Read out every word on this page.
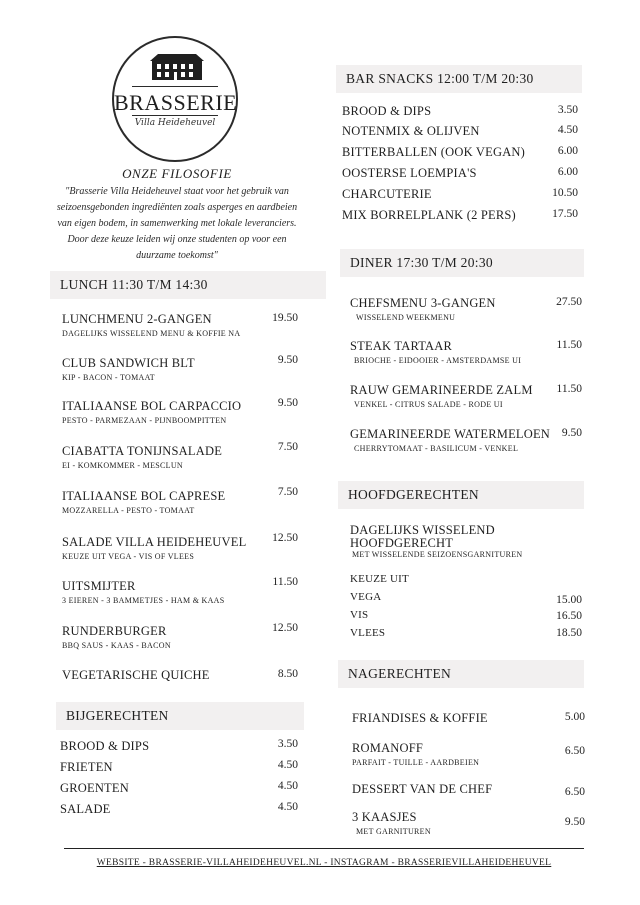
BRASSERIE
Villa Heideheuvel
ONZE FILOSOFIE
"Brasserie Villa Heideheuvel staat voor het gebruik van
seizoensgebonden ingrediënten zoals asperges en aardbeien
van eigen bodem, in samenwerking met lokale leveranciers.
Door deze keuze leiden wij onze studenten op voor een
duurzame toekomst"
LUNCH 11:30 T/M 14:30
LUNCHMENU 2-GANGEN
DAGELIJKS WISSELEND MENU & KOFFIE NA
19.50
CLUB SANDWICH BLT
KIP - BACON - TOMAAT
9.50
ITALIAANSE BOL CARPACCIO
PESTO - PARMEZAAN - PIJNBOOMPITTEN
9.50
CIABATTA TONIJNSALADE
EI - KOMKOMMER - MESCLUN
7.50
ITALIAANSE BOL CAPRESE
MOZZARELLA - PESTO - TOMAAT
7.50
SALADE VILLA HEIDEHEUVEL
KEUZE UIT VEGA - VIS OF VLEES
12.50
UITSMIJTER
3 EIEREN - 3 BAMMETJES - HAM & KAAS
11.50
RUNDERBURGER
BBQ SAUS - KAAS - BACON
12.50
VEGETARISCHE QUICHE	8.50
BIJGERECHTEN
BROOD & DIPS	3.50
FRIETEN	4.50
GROENTEN	4.50
SALADE	4.50
BAR SNACKS 12:00 T/M 20:30
BROOD & DIPS	3.50
NOTENMIX & OLIJVEN	4.50
BITTERBALLEN (OOK VEGAN)	6.00
OOSTERSE LOEMPIA'S	6.00
CHARCUTERIE	10.50
MIX BORRELPLANK (2 PERS)	17.50
DINER 17:30 T/M 20:30
CHEFSMENU 3-GANGEN
WISSELEND WEEKMENU
27.50
STEAK TARTAAR
BRIOCHE - EIDOOIER - AMSTERDAMSE UI
11.50
RAUW GEMARINEERDE ZALM
VENKEL - CITRUS SALADE - RODE UI
11.50
GEMARINEERDE WATERMELOEN
CHERRYTOMAAT - BASILICUM - VENKEL
9.50
HOOFDGERECHTEN
DAGELIJKS WISSELEND
HOOFDGERECHT
MET WISSELENDE SEIZOENSGARNITUREN
KEUZE UIT
VEGA	15.00
VIS	16.50
VLEES	18.50
NAGERECHTEN
FRIANDISES & KOFFIE	5.00
ROMANOFF
PARFAIT - TUILLE - AARDBEIEN
6.50
DESSERT VAN DE CHEF	6.50
3 KAASJES
MET GARNITUREN
9.50
WEBSITE - BRASSERIE-VILLAHEIDEHEUVEL.NL - INSTAGRAM - BRASSERIEVILLAHEIDEHEUVEL
